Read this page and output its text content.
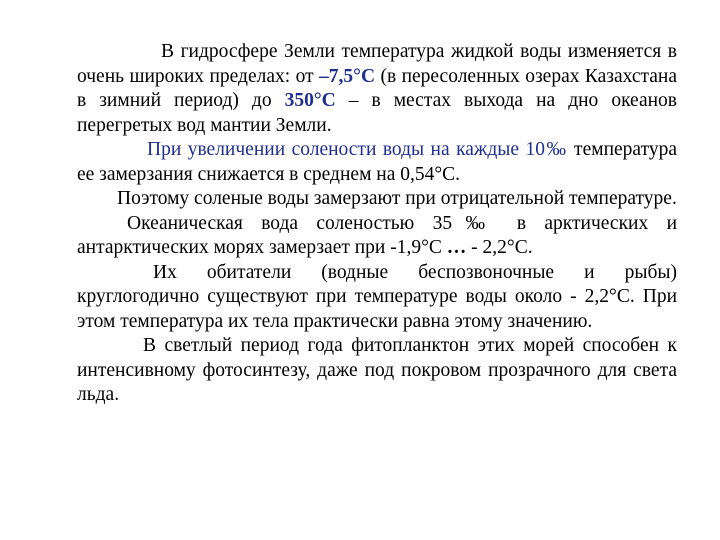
В гидросфере Земли температура жидкой воды изменяется в очень широких пределах: от –7,5°С (в пересоленных озерах Казахстана в зимний период) до 350°С – в местах выхода на дно океанов перегретых вод мантии Земли.

При увеличении солености воды на каждые 10‰ температура ее замерзания снижается в среднем на 0,54°С.

Поэтому соленые воды замерзают при отрицательной температуре.

Океаническая вода соленостью 35‰ в арктических и антарктических морях замерзает при -1,9°С … - 2,2°С.

Их обитатели (водные беспозвоночные и рыбы) круглогодично существуют при температуре воды около - 2,2°С. При этом температура их тела практически равна этому значению.

В светлый период года фитопланктон этих морей способен к интенсивному фотосинтезу, даже под покровом прозрачного для света льда.
